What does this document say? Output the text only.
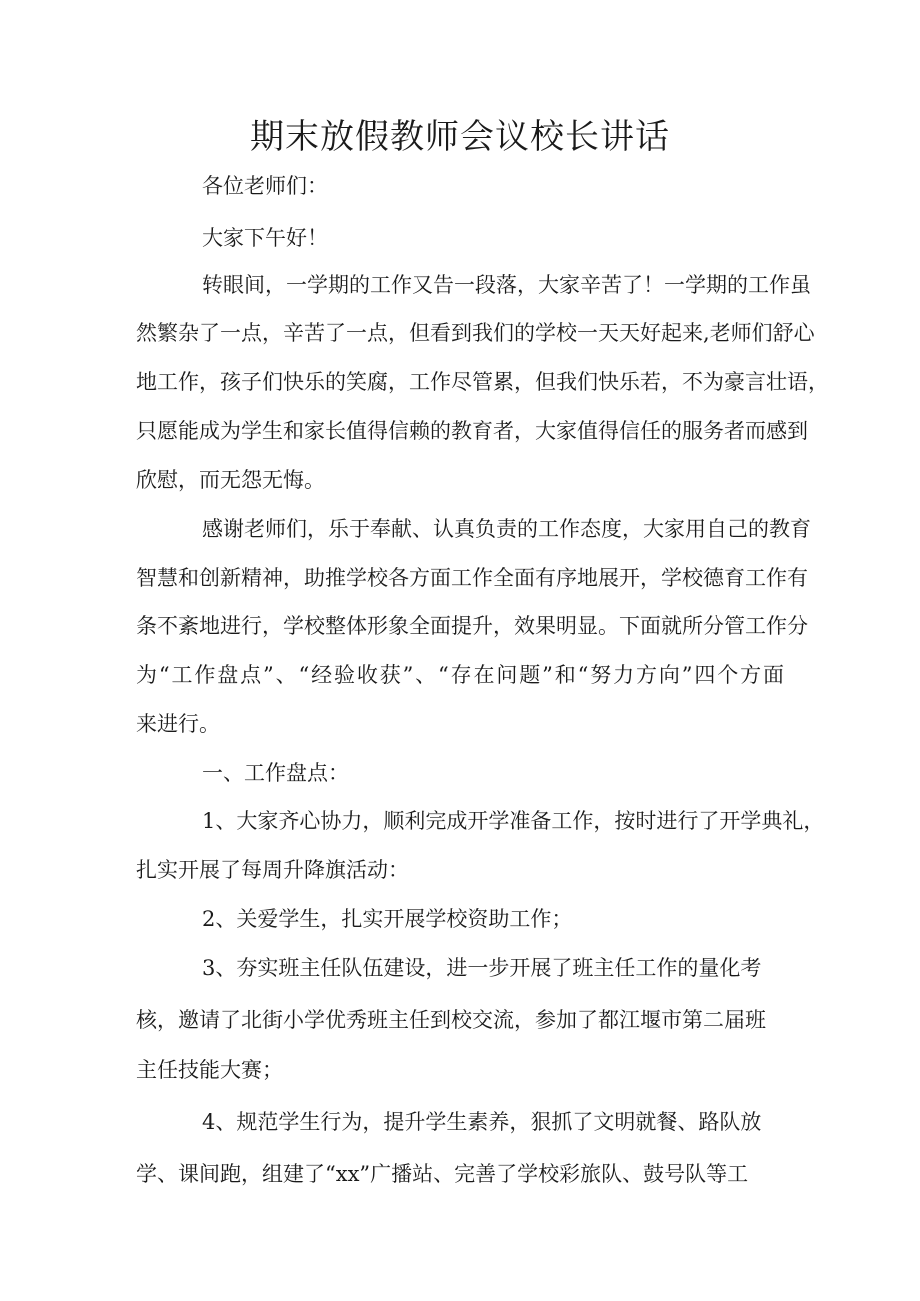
期末放假教师会议校长讲话

各位老师们：

大家下午好！

转眼间，一学期的工作又告一段落，大家辛苦了！一学期的工作虽

然繁杂了一点，辛苦了一点，但看到我们的学校一天天好起来,老师们舒心

地工作，孩子们快乐的笑腐，工作尽管累，但我们快乐若，不为豪言壮语，

只愿能成为学生和家长值得信赖的教育者，大家值得信任的服务者而感到

欣慰，而无怨无悔。

感谢老师们，乐于奉献、认真负责的工作态度，大家用自己的教育

智慧和创新精神，助推学校各方面工作全面有序地展开，学校德育工作有

条不紊地进行，学校整体形象全面提升，效果明显。下面就所分管工作分

为“工作盘点”、“经验收获”、“存在问题”和“努力方向”四个方面

来进行。

一、工作盘点：

1、大家齐心协力，顺利完成开学准备工作，按时进行了开学典礼，

扎实开展了每周升降旗活动：

2、关爱学生，扎实开展学校资助工作；

3、夯实班主任队伍建设，进一步开展了班主任工作的量化考

核，邀请了北街小学优秀班主任到校交流，参加了都江堰市第二届班

主任技能大赛；

4、规范学生行为，提升学生素养，狠抓了文明就餐、路队放

学、课间跑，组建了“xx”广播站、完善了学校彩旅队、鼓号队等工
